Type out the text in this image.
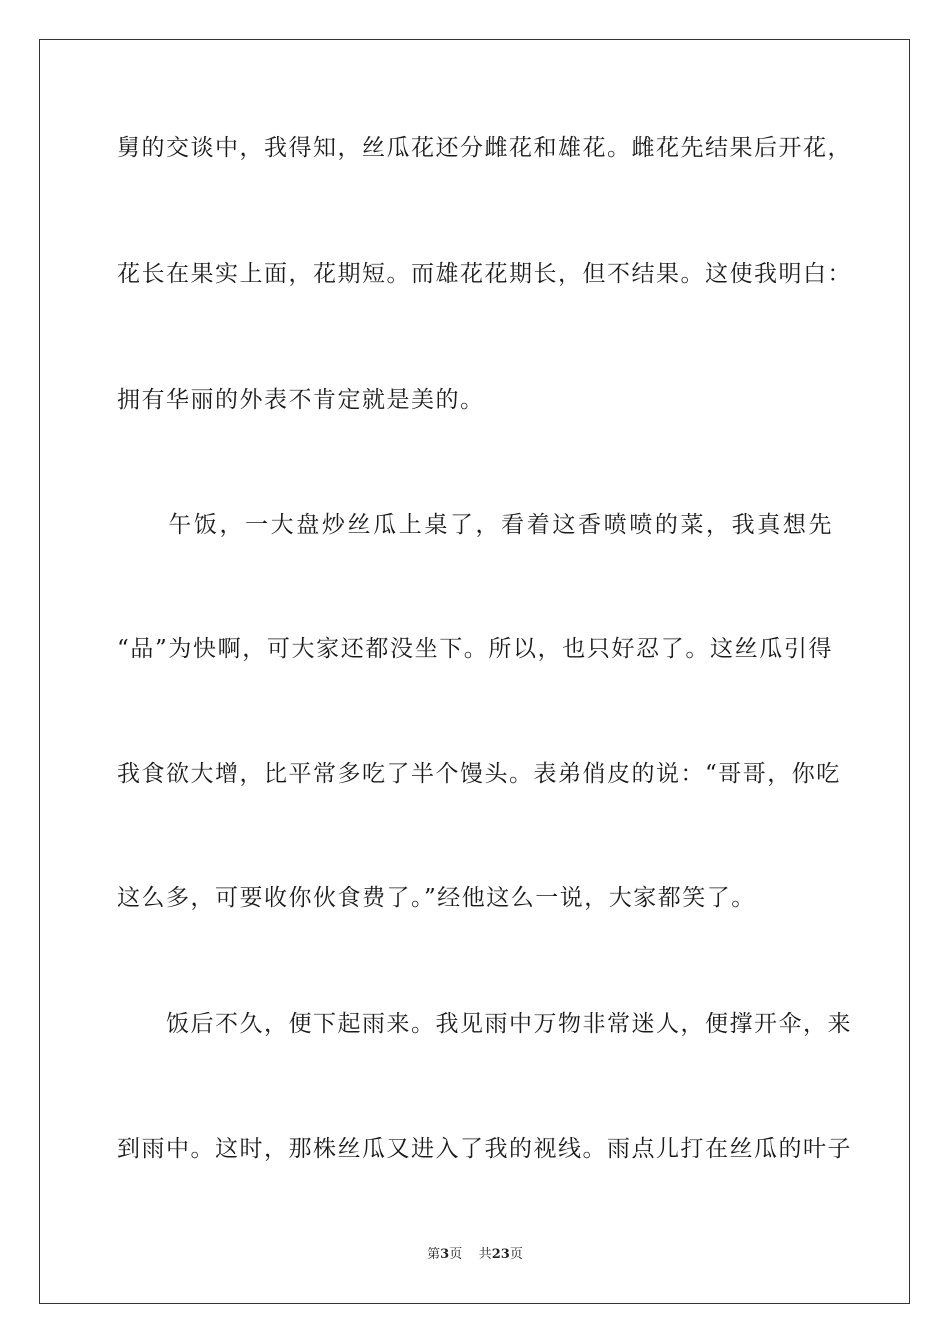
舅的交谈中，我得知，丝瓜花还分雌花和雄花。雌花先结果后开花，
花长在果实上面，花期短。而雄花花期长，但不结果。这使我明白：
拥有华丽的外表不肯定就是美的。
　　午饭，一大盘炒丝瓜上桌了，看着这香喷喷的菜，我真想先
“品”为快啊，可大家还都没坐下。所以，也只好忍了。这丝瓜引得
我食欲大增，比平常多吃了半个馒头。表弟俏皮的说：“哥哥，你吃
这么多，可要收你伙食费了。”经他这么一说，大家都笑了。
　　饭后不久，便下起雨来。我见雨中万物非常迷人，便撑开伞，来
到雨中。这时，那株丝瓜又进入了我的视线。雨点儿打在丝瓜的叶子
第3页 共23页
